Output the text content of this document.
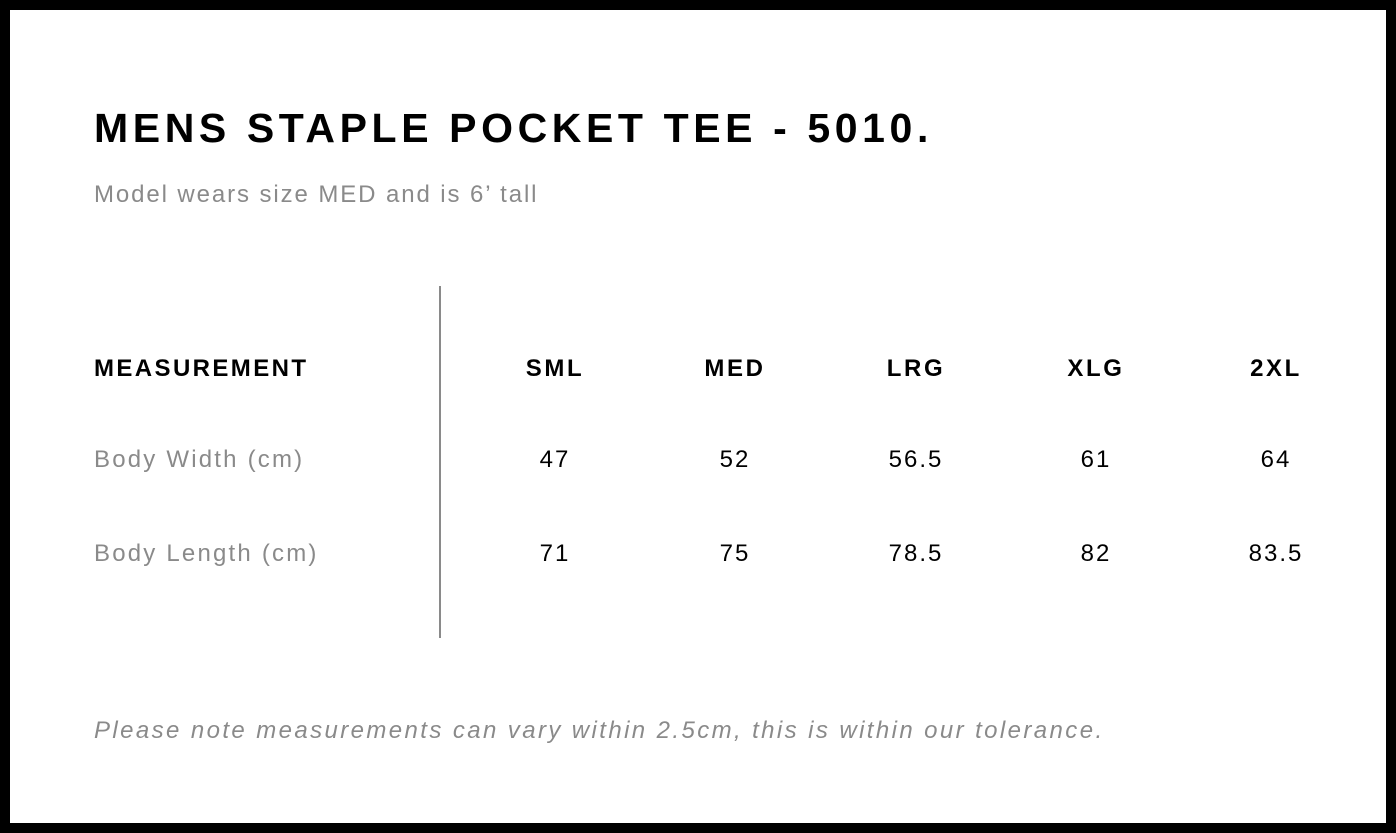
MENS STAPLE POCKET TEE - 5010.
Model wears size MED and is 6’ tall
MEASUREMENT	SML	MED	LRG	XLG	2XL
Body Width (cm)	47	52	56.5	61	64
Body Length (cm)	71	75	78.5	82	83.5
Please note measurements can vary within 2.5cm, this is within our tolerance.
